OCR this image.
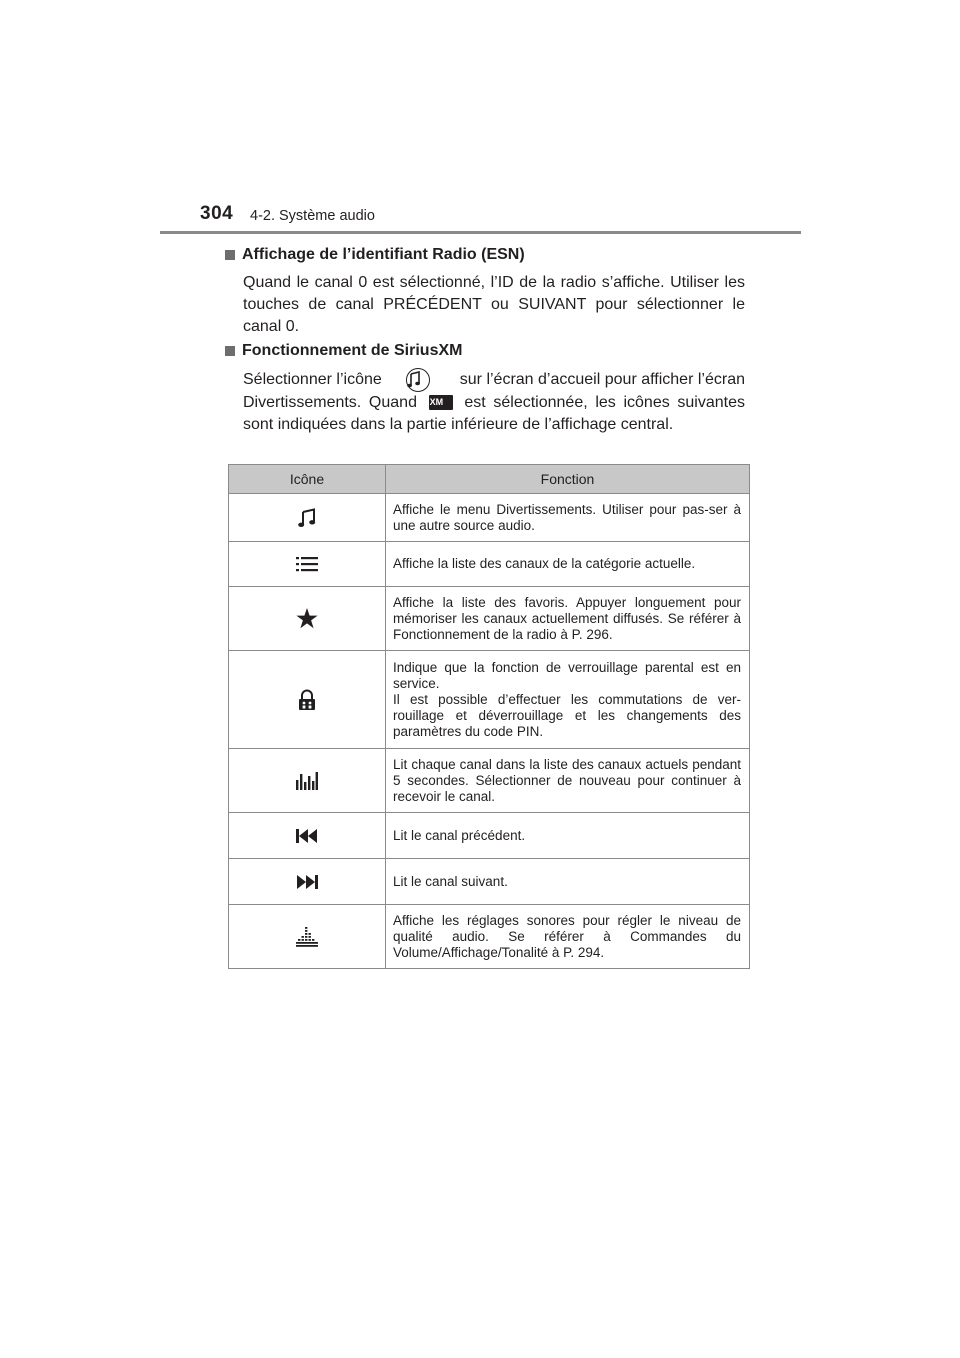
304 4-2. Système audio
Affichage de l’identifiant Radio (ESN)
Quand le canal 0 est sélectionné, l’ID de la radio s’affiche. Utiliser les touches de canal PRÉCÉDENT ou SUIVANT pour sélectionner le canal 0.
Fonctionnement de SiriusXM
Sélectionner l’icône	sur l’écran d’accueil pour afficher l’écran Divertissements. Quand XM est sélectionnée, les icônes suivantes sont indiquées dans la partie inférieure de l’affichage central.
Icône	Fonction
	Affiche le menu Divertissements. Utiliser pour pas-ser à une autre source audio.
	Affiche la liste des canaux de la catégorie actuelle.
	Affiche la liste des favoris. Appuyer longuement pour mémoriser les canaux actuellement diffusés. Se référer à Fonctionnement de la radio à P. 296.
	Indique que la fonction de verrouillage parental est en service.
Il est possible d’effectuer les commutations de ver-rouillage et déverrouillage et les changements des paramètres du code PIN.
	Lit chaque canal dans la liste des canaux actuels pendant 5 secondes. Sélectionner de nouveau pour continuer à recevoir le canal.
	Lit le canal précédent.
	Lit le canal suivant.
	Affiche les réglages sonores pour régler le niveau de qualité audio. Se référer à Commandes du Volume/Affichage/Tonalité à P. 294.
